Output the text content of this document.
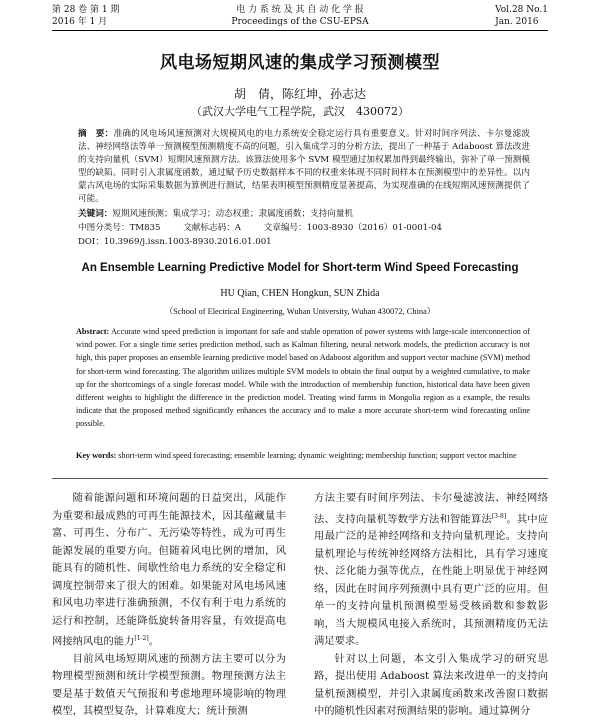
第 28 卷 第 1 期
2016 年 1 月
电 力 系 统 及 其 自 动 化 学 报
Proceedings of the CSU-EPSA
Vol.28 No.1
Jan. 2016
风电场短期风速的集成学习预测模型
胡　倩，陈红坤，孙志达
（武汉大学电气工程学院，武汉　430072）
摘　要：准确的风电场风速预测对大规模风电的电力系统安全稳定运行具有重要意义。针对时间序列法、卡尔曼滤波法、神经网络法等单一预测模型预测精度不高的问题，引入集成学习的分析方法，提出了一种基于 Adaboost 算法改进的支持向量机（SVM）短期风速预测方法。该算法使用多个 SVM 模型通过加权累加得到最终输出，弥补了单一预测模型的缺陷。同时引入隶属度函数，通过赋予历史数据样本不同的权重来体现不同时间样本在预测模型中的差异性。以内蒙古风电场的实际采集数据为算例进行测试，结果表明模型预测精度显著提高，为实现准确的在线短期风速预测提供了可能。
关键词：短期风速预测；集成学习；动态权重；隶属度函数；支持向量机
中图分类号：TM835	文献标志码：A	文章编号：1003-8930（2016）01-0001-04
DOI：10.3969/j.issn.1003-8930.2016.01.001
An Ensemble Learning Predictive Model for Short-term Wind Speed Forecasting
HU Qian, CHEN Hongkun, SUN Zhida
（School of Electrical Engineering, Wuhan University, Wuhan 430072, China）
Abstract: Accurate wind speed prediction is important for safe and stable operation of power systems with large-scale interconnection of wind power. For a single time series prediction method, such as Kalman filtering, neural network models, the prediction accuracy is not high, this paper proposes an ensemble learning predictive model based on Adaboost algorithm and support vector machine (SVM) method for short-term wind forecasting. The algorithm utilizes multiple SVM models to obtain the final output by a weighted cumulative, to make up for the shortcomings of a single forecast model. While with the introduction of membership function, historical data have been given different weights to highlight the difference in the prediction model. Treating wind farms in Mongolia region as a example, the results indicate that the proposed method significantly enhances the accuracy and to make a more accurate short-term wind forecasting online possible.
Key words: short-term wind speed forecasting; ensemble learning; dynamic weighting; membership function; support vector machine

随着能源问题和环境问题的日益突出，风能作为重要和最成熟的可再生能源技术，因其蕴藏量丰富、可再生、分布广、无污染等特性，成为可再生能源发展的重要方向。但随着风电比例的增加，风能具有的随机性、间歇性给电力系统的安全稳定和调度控制带来了很大的困难。如果能对风电场风速和风电功率进行准确预测，不仅有利于电力系统的运行和控制，还能降低旋转备用容量，有效提高电网接纳风电的能力[1-2]。

目前风电场短期风速的预测方法主要可以分为物理模型预测和统计学模型预测。物理预测方法主要是基于数值天气预报和考虑地理环境影响的物理模型，其模型复杂，计算难度大；统计预测

方法主要有时间序列法、卡尔曼滤波法、神经网络法、支持向量机等数学方法和智能算法[3-8]。其中应用最广泛的是神经网络和支持向量机理论。支持向量机理论与传统神经网络方法相比，具有学习速度快、泛化能力强等优点，在性能上明显优于神经网络，因此在时间序列预测中具有更广泛的应用。但单一的支持向量机预测模型易受核函数和参数影响，当大规模风电接入系统时，其预测精度仍无法满足要求。

针对以上问题，本文引入集成学习的研究思路，提出使用 Adaboost 算法来改进单一的支持向量机预测模型，并引入隶属度函数来改善窗口数据中的随机性因素对预测结果的影响。通过算例分
